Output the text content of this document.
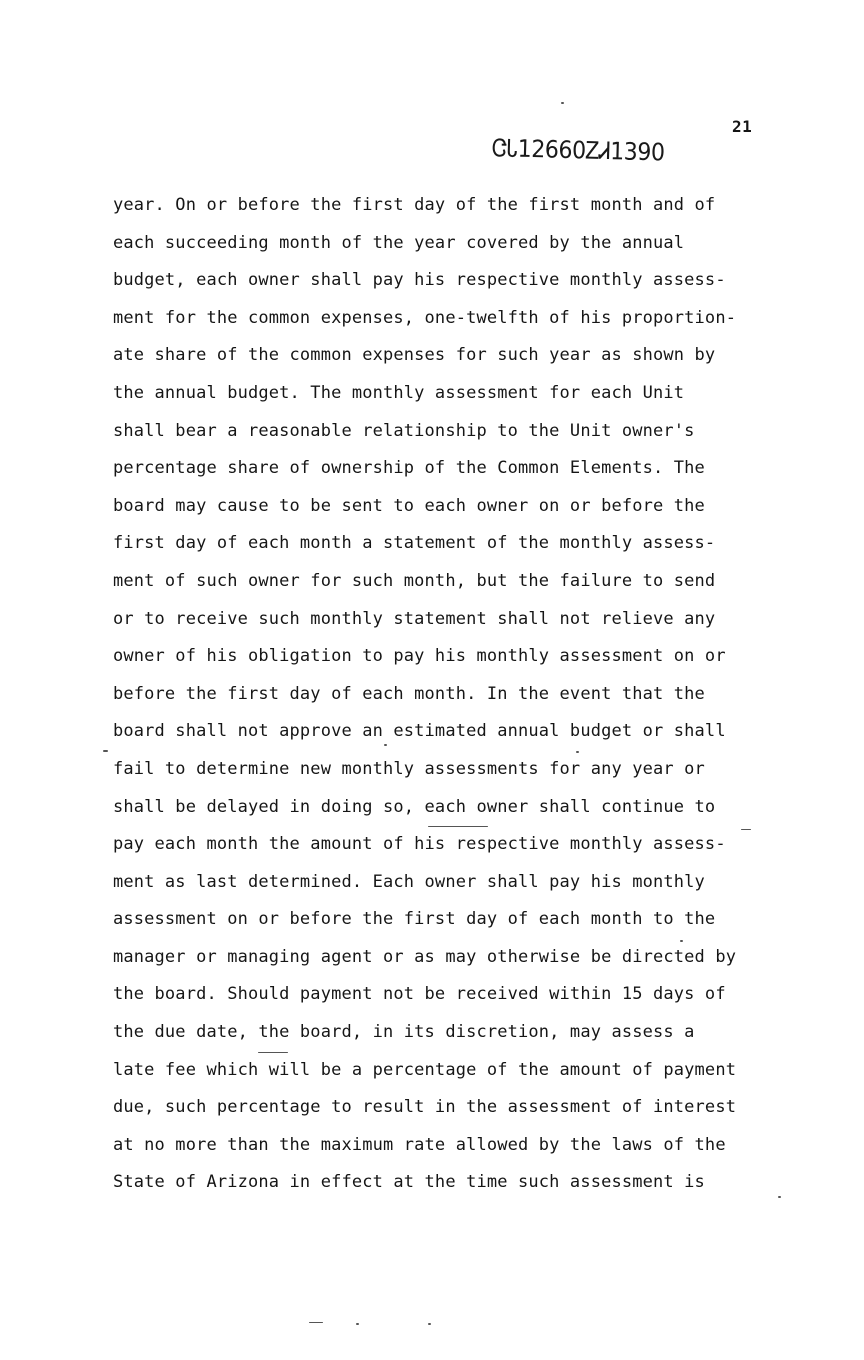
ᏣᏓ12660ᏃᏗ1390
21
year. On or before the first day of the first month and of
each succeeding month of the year covered by the annual
budget, each owner shall pay his respective monthly assess-
ment for the common expenses, one-twelfth of his proportion-
ate share of the common expenses for such year as shown by
the annual budget. The monthly assessment for each Unit
shall bear a reasonable relationship to the Unit owner's
percentage share of ownership of the Common Elements. The
board may cause to be sent to each owner on or before the
first day of each month a statement of the monthly assess-
ment of such owner for such month, but the failure to send
or to receive such monthly statement shall not relieve any
owner of his obligation to pay his monthly assessment on or
before the first day of each month. In the event that the
board shall not approve an estimated annual budget or shall
fail to determine new monthly assessments for any year or
shall be delayed in doing so, each owner shall continue to
pay each month the amount of his respective monthly assess-
ment as last determined. Each owner shall pay his monthly
assessment on or before the first day of each month to the
manager or managing agent or as may otherwise be directed by
the board. Should payment not be received within 15 days of
the due date, the board, in its discretion, may assess a
late fee which will be a percentage of the amount of payment
due, such percentage to result in the assessment of interest
at no more than the maximum rate allowed by the laws of the
State of Arizona in effect at the time such assessment is
